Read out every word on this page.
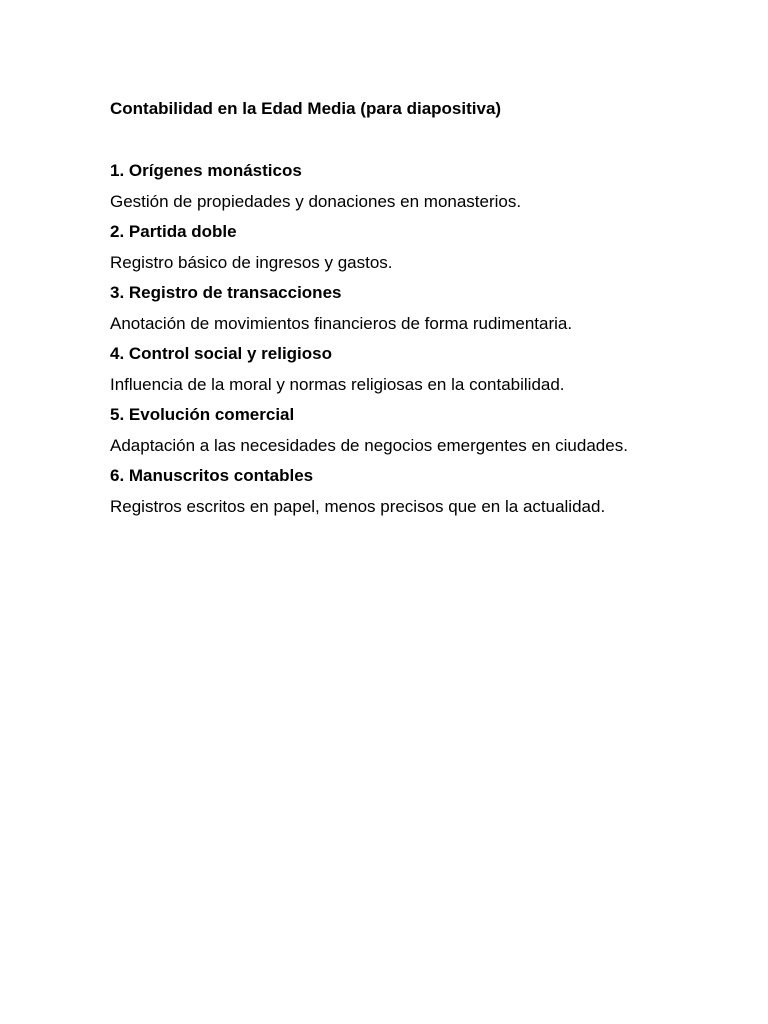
Contabilidad en la Edad Media (para diapositiva)
1. Orígenes monásticos
Gestión de propiedades y donaciones en monasterios.
2. Partida doble
Registro básico de ingresos y gastos.
3. Registro de transacciones
Anotación de movimientos financieros de forma rudimentaria.
4. Control social y religioso
Influencia de la moral y normas religiosas en la contabilidad.
5. Evolución comercial
Adaptación a las necesidades de negocios emergentes en ciudades.
6. Manuscritos contables
Registros escritos en papel, menos precisos que en la actualidad.
